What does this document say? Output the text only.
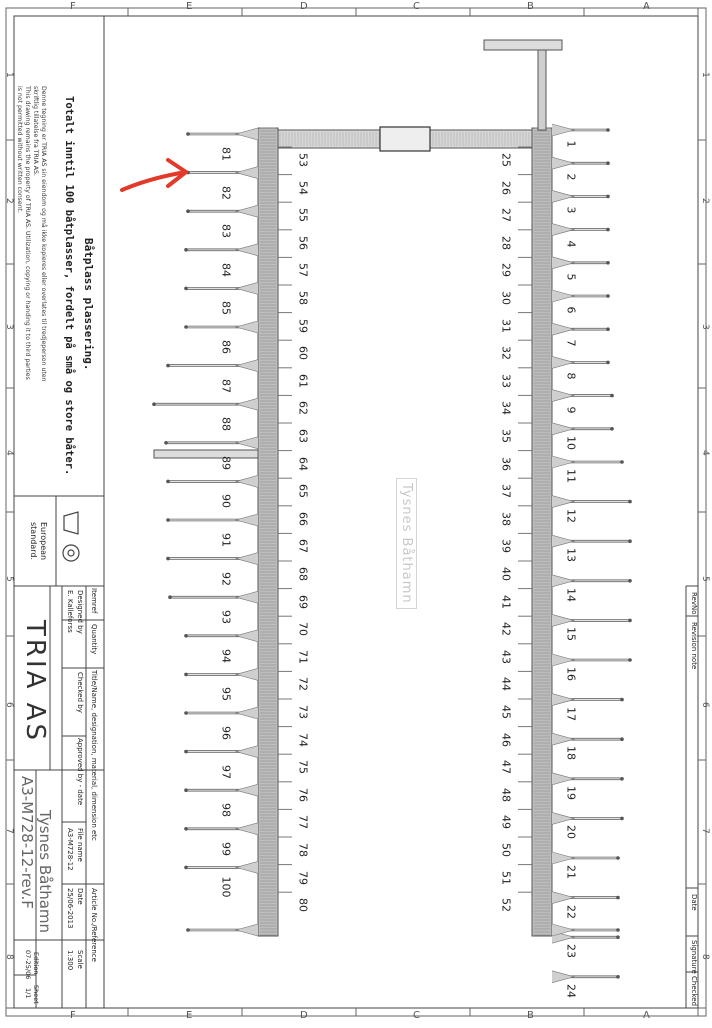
F	E	D	C	B	A
F	E	D	C	B	A
1	1
2	2
3	3
4	4
5	5
6	6
7	7
8	8
81
82
83
84
85
86
87
88
89
90
91
92
93
94
95
96
97
98
99
100
53
54
55
56
57
58
59
60
61
62
63
64
65
66
67
68
69
70
71
72
73
74
75
76
77
78
79
80
25
26
27
28
29
30
31
32
33
34
35
36
37
38
39
40
41
42
43
44
45
46
47
48
49
50
51
52
1
2
3
4
5
6
7
8
9
10
11
12
13
14
15
16
17
18
19
20
21
22
23
24
Tysnes Båthamn
Båtplass plassering.
Totalt inntil 100 båtplasser, fordelt på små og store båter.
Denne tegning er TRIA AS sin eiendom og må ikke kopieres eller overlates til tredjeperson uten
skriftlig tillatelse fra TRIA AS.
This drawing remains the property of TRIA AS. Utilization, copying or handing it to third parties
is not permitted without written consent.
European standard.
Itemref
Quantity
Title/Name, designation, material, dimension etc
Article No./Reference
Designed by
E. Kalleforss
Checked by
Approved by - date
File name
A3-M728-12
Date
25/06-2013
Scale
1:300
TRIA AS
Tysnes Båthamn
A3-M728-12-rev.F
Edition
07-25/06
Sheet
1/1
RevNo
Revision note
Date
Signature
Checked
